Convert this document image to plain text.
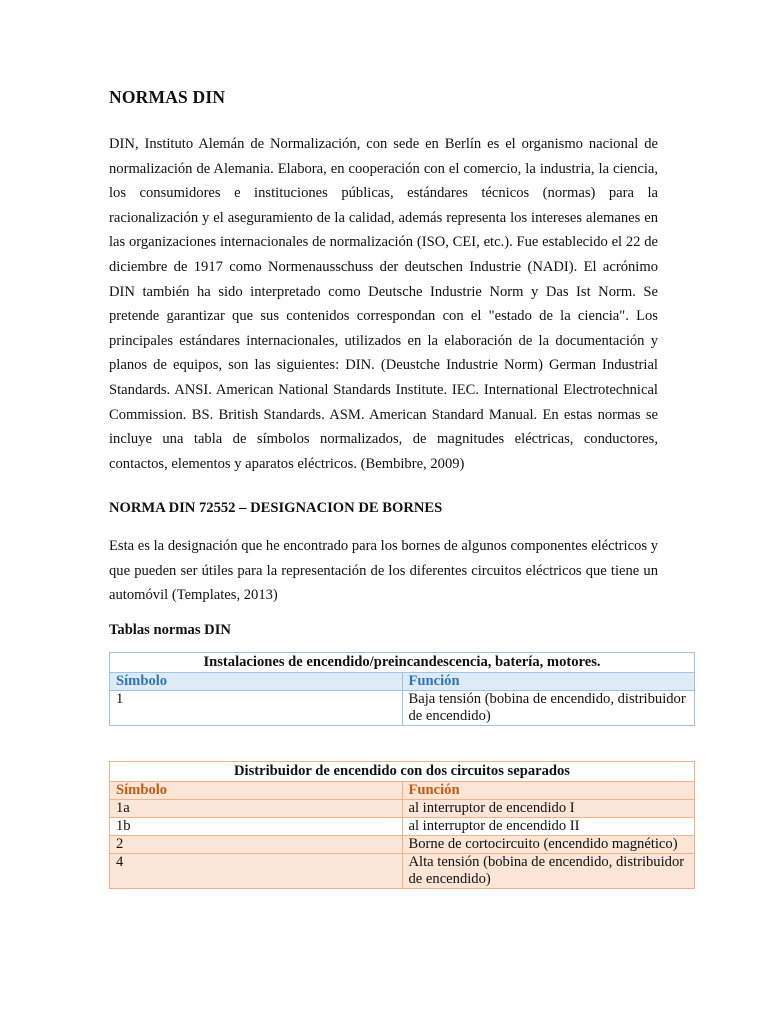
NORMAS DIN

DIN, Instituto Alemán de Normalización, con sede en Berlín es el organismo nacional de normalización de Alemania. Elabora, en cooperación con el comercio, la industria, la ciencia, los consumidores e instituciones públicas, estándares técnicos (normas) para la racionalización y el aseguramiento de la calidad, además representa los intereses alemanes en las organizaciones internacionales de normalización (ISO, CEI, etc.). Fue establecido el 22 de diciembre de 1917 como Normenausschuss der deutschen Industrie (NADI). El acrónimo DIN también ha sido interpretado como Deutsche Industrie Norm y Das Ist Norm. Se pretende garantizar que sus contenidos correspondan con el "estado de la ciencia". Los principales estándares internacionales, utilizados en la elaboración de la documentación y planos de equipos, son las siguientes: DIN. (Deustche Industrie Norm) German Industrial Standards. ANSI. American National Standards Institute. IEC. International Electrotechnical Commission. BS. British Standards. ASM. American Standard Manual. En estas normas se incluye una tabla de símbolos normalizados, de magnitudes eléctricas, conductores, contactos, elementos y aparatos eléctricos. (Bembibre, 2009)

NORMA DIN 72552 – DESIGNACION DE BORNES

Esta es la designación que he encontrado para los bornes de algunos componentes eléctricos y que pueden ser útiles para la representación de los diferentes circuitos eléctricos que tiene un automóvil (Templates, 2013)

Tablas normas DIN
Instalaciones de encendido/preincandescencia, batería, motores.	
Símbolo	Función
1	Baja tensión (bobina de encendido, distribuidor de encendido)
Distribuidor de encendido con dos circuitos separados	
Símbolo	Función
1a	al interruptor de encendido I
1b	al interruptor de encendido II
2	Borne de cortocircuito (encendido magnético)
4	Alta tensión (bobina de encendido, distribuidor de encendido)
